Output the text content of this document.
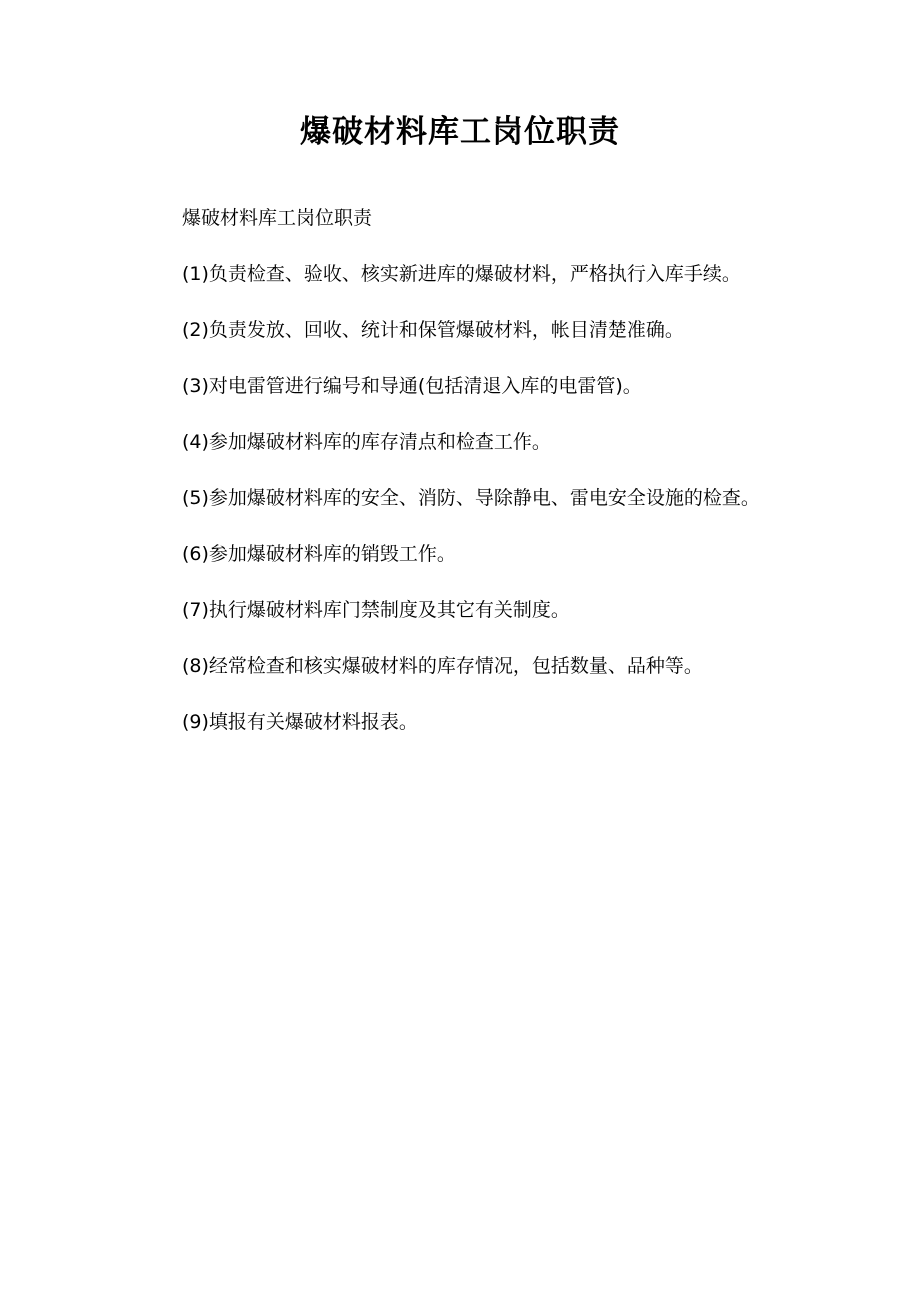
爆破材料库工岗位职责

爆破材料库工岗位职责

(1)负责检查、验收、核实新进库的爆破材料，严格执行入库手续。

(2)负责发放、回收、统计和保管爆破材料，帐目清楚准确。

(3)对电雷管进行编号和导通(包括清退入库的电雷管)。

(4)参加爆破材料库的库存清点和检查工作。

(5)参加爆破材料库的安全、消防、导除静电、雷电安全设施的检查。

(6)参加爆破材料库的销毁工作。

(7)执行爆破材料库门禁制度及其它有关制度。

(8)经常检查和核实爆破材料的库存情况，包括数量、品种等。

(9)填报有关爆破材料报表。
